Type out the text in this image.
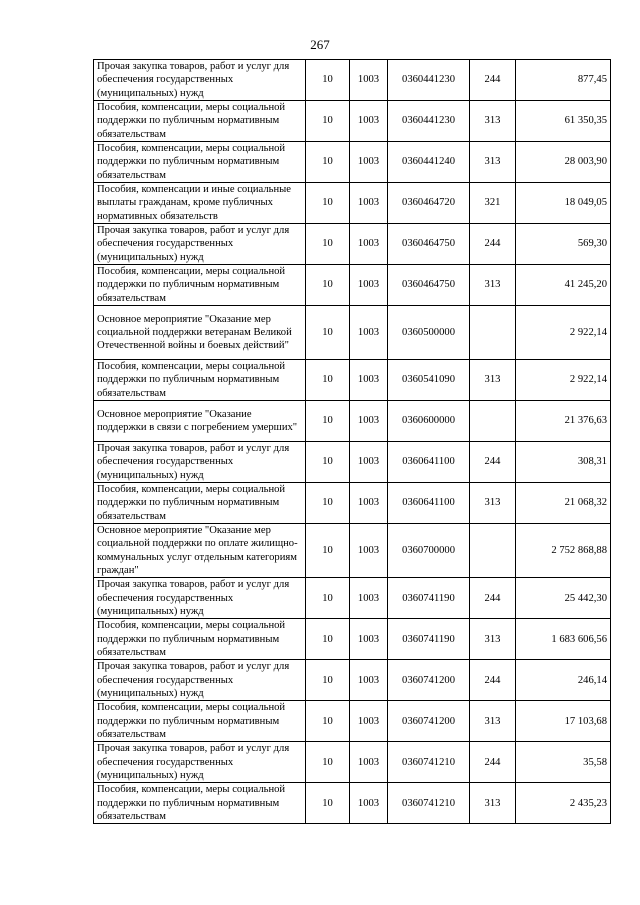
267
Прочая закупка товаров, работ и услуг для обеспечения государственных (муниципальных) нужд	10	1003	0360441230	244	877,45
Пособия, компенсации, меры социальной поддержки по публичным нормативным обязательствам	10	1003	0360441230	313	61 350,35
Пособия, компенсации, меры социальной поддержки по публичным нормативным обязательствам	10	1003	0360441240	313	28 003,90
Пособия, компенсации и иные социальные выплаты гражданам, кроме публичных нормативных обязательств	10	1003	0360464720	321	18 049,05
Прочая закупка товаров, работ и услуг для обеспечения государственных (муниципальных) нужд	10	1003	0360464750	244	569,30
Пособия, компенсации, меры социальной поддержки по публичным нормативным обязательствам	10	1003	0360464750	313	41 245,20
Основное мероприятие "Оказание мер социальной поддержки ветеранам Великой Отечественной войны и боевых действий"	10	1003	0360500000		2 922,14
Пособия, компенсации, меры социальной поддержки по публичным нормативным обязательствам	10	1003	0360541090	313	2 922,14
Основное мероприятие "Оказание поддержки в связи с погребением умерших"	10	1003	0360600000		21 376,63
Прочая закупка товаров, работ и услуг для обеспечения государственных (муниципальных) нужд	10	1003	0360641100	244	308,31
Пособия, компенсации, меры социальной поддержки по публичным нормативным обязательствам	10	1003	0360641100	313	21 068,32
Основное мероприятие "Оказание мер социальной поддержки по оплате жилищно-коммунальных услуг отдельным категориям граждан"	10	1003	0360700000		2 752 868,88
Прочая закупка товаров, работ и услуг для обеспечения государственных (муниципальных) нужд	10	1003	0360741190	244	25 442,30
Пособия, компенсации, меры социальной поддержки по публичным нормативным обязательствам	10	1003	0360741190	313	1 683 606,56
Прочая закупка товаров, работ и услуг для обеспечения государственных (муниципальных) нужд	10	1003	0360741200	244	246,14
Пособия, компенсации, меры социальной поддержки по публичным нормативным обязательствам	10	1003	0360741200	313	17 103,68
Прочая закупка товаров, работ и услуг для обеспечения государственных (муниципальных) нужд	10	1003	0360741210	244	35,58
Пособия, компенсации, меры социальной поддержки по публичным нормативным обязательствам	10	1003	0360741210	313	2 435,23
